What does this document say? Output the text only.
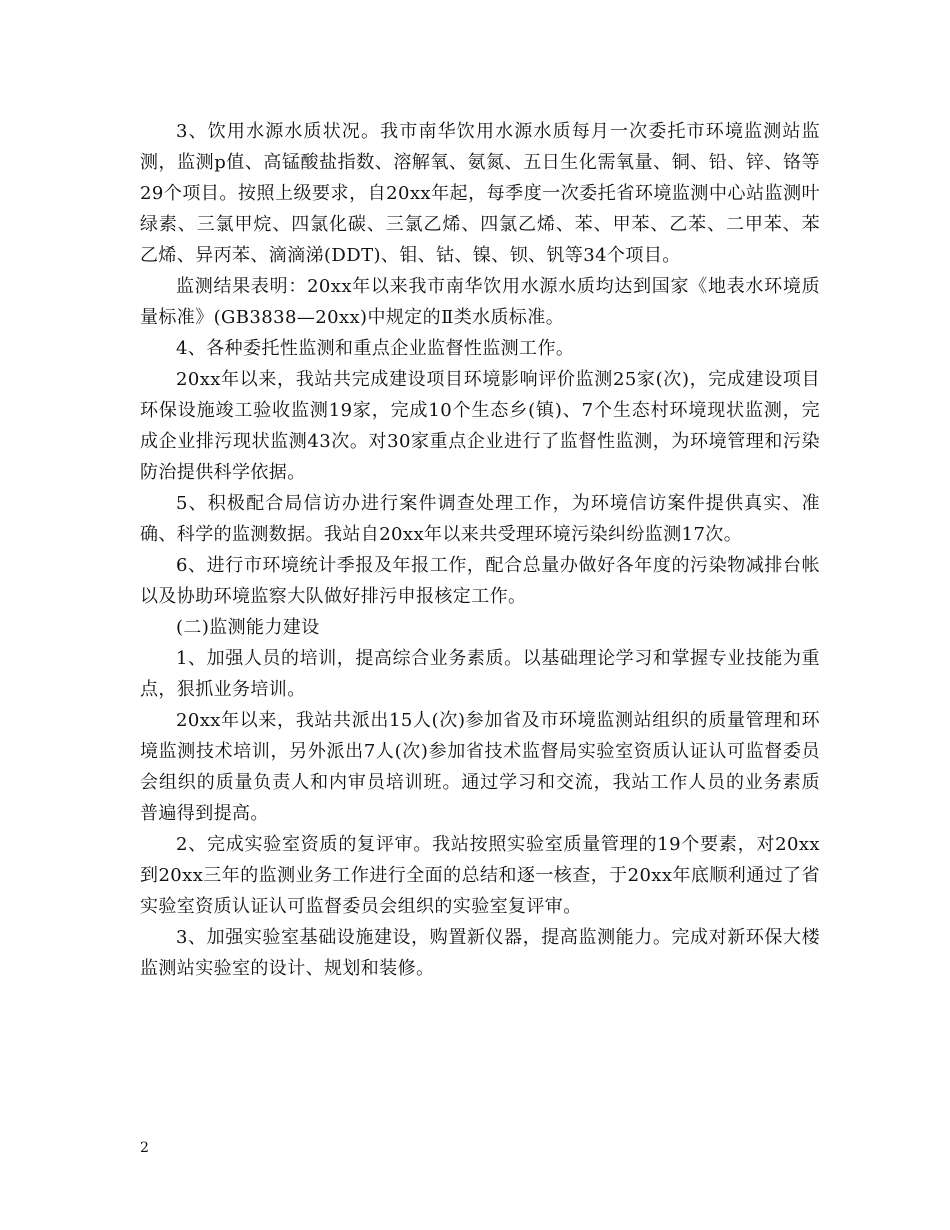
3、饮用水源水质状况。我市南华饮用水源水质每月一次委托市环境监测站监测，监测p值、高锰酸盐指数、溶解氧、氨氮、五日生化需氧量、铜、铅、锌、铬等29个项目。按照上级要求，自20xx年起，每季度一次委托省环境监测中心站监测叶绿素、三氯甲烷、四氯化碳、三氯乙烯、四氯乙烯、苯、甲苯、乙苯、二甲苯、苯乙烯、异丙苯、滴滴涕(DDT)、钼、钴、镍、钡、钒等34个项目。

监测结果表明：20xx年以来我市南华饮用水源水质均达到国家《地表水环境质量标准》(GB3838—20xx)中规定的Ⅱ类水质标准。

4、各种委托性监测和重点企业监督性监测工作。

20xx年以来，我站共完成建设项目环境影响评价监测25家(次)，完成建设项目环保设施竣工验收监测19家，完成10个生态乡(镇)、7个生态村环境现状监测，完成企业排污现状监测43次。对30家重点企业进行了监督性监测，为环境管理和污染防治提供科学依据。

5、积极配合局信访办进行案件调查处理工作，为环境信访案件提供真实、准确、科学的监测数据。我站自20xx年以来共受理环境污染纠纷监测17次。

6、进行市环境统计季报及年报工作，配合总量办做好各年度的污染物减排台帐以及协助环境监察大队做好排污申报核定工作。

(二)监测能力建设

1、加强人员的培训，提高综合业务素质。以基础理论学习和掌握专业技能为重点，狠抓业务培训。

20xx年以来，我站共派出15人(次)参加省及市环境监测站组织的质量管理和环境监测技术培训，另外派出7人(次)参加省技术监督局实验室资质认证认可监督委员会组织的质量负责人和内审员培训班。通过学习和交流，我站工作人员的业务素质普遍得到提高。

2、完成实验室资质的复评审。我站按照实验室质量管理的19个要素，对20xx到20xx三年的监测业务工作进行全面的总结和逐一核查，于20xx年底顺利通过了省实验室资质认证认可监督委员会组织的实验室复评审。

3、加强实验室基础设施建设，购置新仪器，提高监测能力。完成对新环保大楼监测站实验室的设计、规划和装修。

2
